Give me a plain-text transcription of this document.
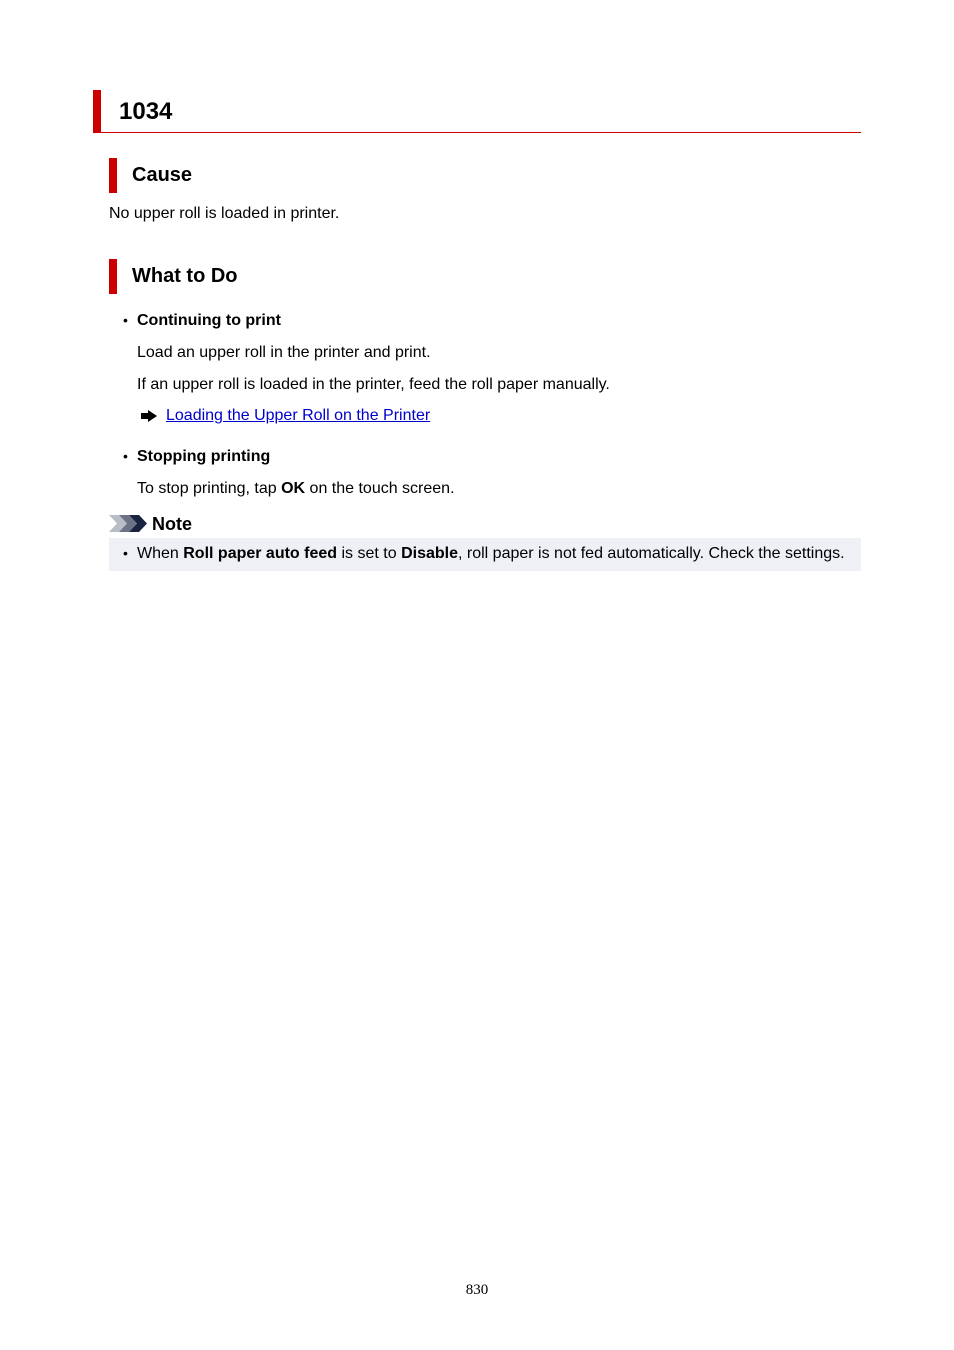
1034
Cause
No upper roll is loaded in printer.
What to Do
• Continuing to print
Load an upper roll in the printer and print.
If an upper roll is loaded in the printer, feed the roll paper manually.
Loading the Upper Roll on the Printer
• Stopping printing
To stop printing, tap OK on the touch screen.
Note
• When Roll paper auto feed is set to Disable, roll paper is not fed automatically. Check the settings.
830
